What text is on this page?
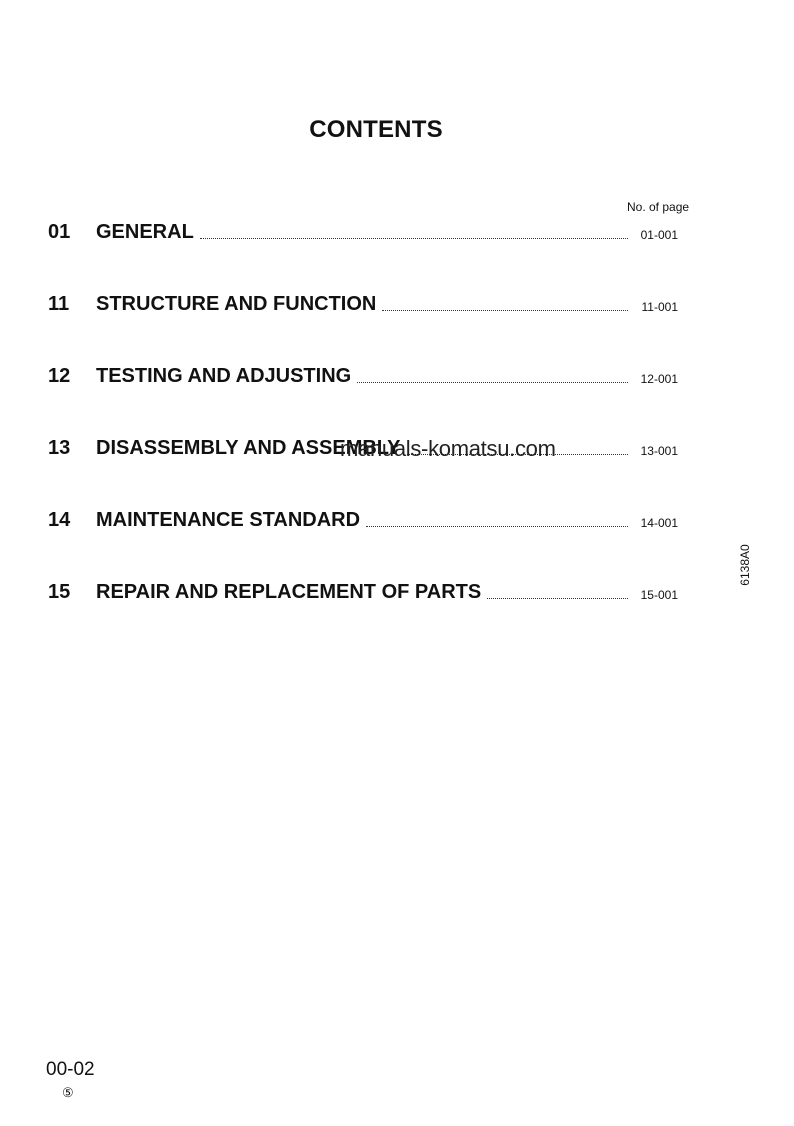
CONTENTS
No. of page
01	GENERAL	01-001
11	STRUCTURE AND FUNCTION	11-001
12	TESTING AND ADJUSTING	12-001
13	DISASSEMBLY AND ASSEMBLY	13-001
14	MAINTENANCE STANDARD	14-001
15	REPAIR AND REPLACEMENT OF PARTS	15-001
manuals-komatsu.com
6138A0
00-02
⑤
